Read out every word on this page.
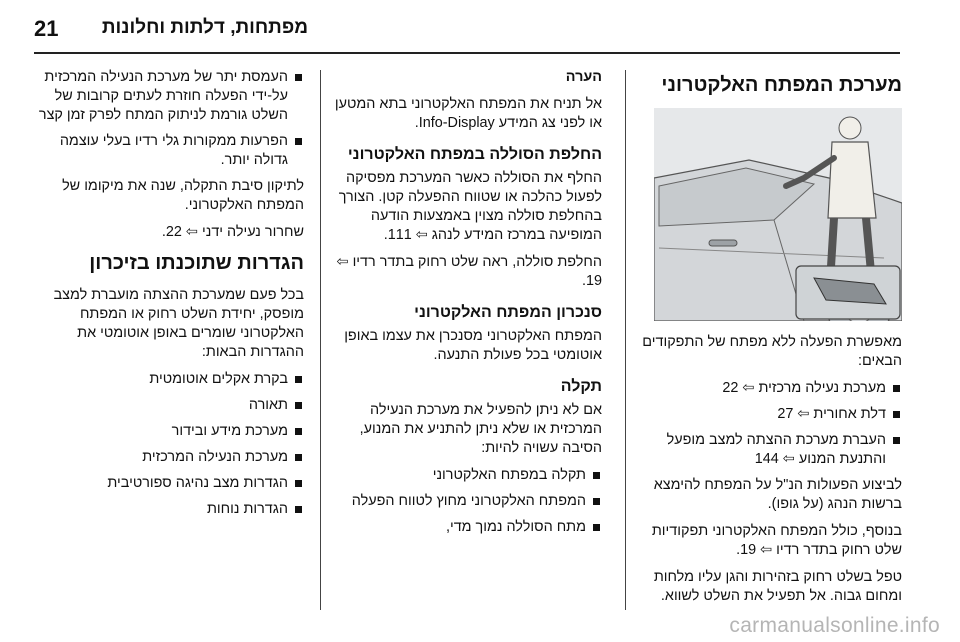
21 מפתחות, דלתות וחלונות
מערכת המפתח האלקטרוני

מאפשרת הפעלה ללא מפתח של התפקודים הבאים:

מערכת נעילה מרכזית ⇦ 22
דלת אחורית ⇦ 27
העברת מערכת ההצתה למצב מופעל והתנעת המנוע ⇦ 144

לביצוע הפעולות הנ"ל על המפתח להימצא ברשות הנהג (על גופו).

בנוסף, כולל המפתח האלקטרוני תפקודיות שלט רחוק בתדר רדיו ⇦ 19.

טפל בשלט רחוק בזהירות והגן עליו מלחות ומחום גבוה. אל תפעיל את השלט לשווא.

הערה

אל תניח את המפתח האלקטרוני בתא המטען או לפני צג המידע Info-Display.

החלפת הסוללה במפתח האלקטרוני

החלף את הסוללה כאשר המערכת מפסיקה לפעול כהלכה או שטווח ההפעלה קטן. הצורך בהחלפת סוללה מצוין באמצעות הודעה המופיעה במרכז המידע לנהג ⇦ 111.

החלפת סוללה, ראה שלט רחוק בתדר רדיו ⇦ 19.

סנכרון המפתח האלקטרוני

המפתח האלקטרוני מסנכרן את עצמו באופן אוטומטי בכל פעולת התנעה.

תקלה

אם לא ניתן להפעיל את מערכת הנעילה המרכזית או שלא ניתן להתניע את המנוע, הסיבה עשויה להיות:

תקלה במפתח האלקטרוני
המפתח האלקטרוני מחוץ לטווח הפעלה
מתח הסוללה נמוך מדי,
העמסת יתר של מערכת הנעילה המרכזית על-ידי הפעלה חוזרת לעתים קרובות של השלט גורמת לניתוק המתח לפרק זמן קצר
הפרעות ממקורות גלי רדיו בעלי עוצמה גדולה יותר.

לתיקון סיבת התקלה, שנה את מיקומו של המפתח האלקטרוני.

שחרור נעילה ידני ⇦ 22.

הגדרות שתוכנתו בזיכרון

בכל פעם שמערכת ההצתה מועברת למצב מופסק, יחידת השלט רחוק או המפתח האלקטרוני שומרים באופן אוטומטי את ההגדרות הבאות:

בקרת אקלים אוטומטית
תאורה
מערכת מידע ובידור
מערכת הנעילה המרכזית
הגדרות מצב נהיגה ספורטיבית
הגדרות נוחות
carmanualsonline.info
